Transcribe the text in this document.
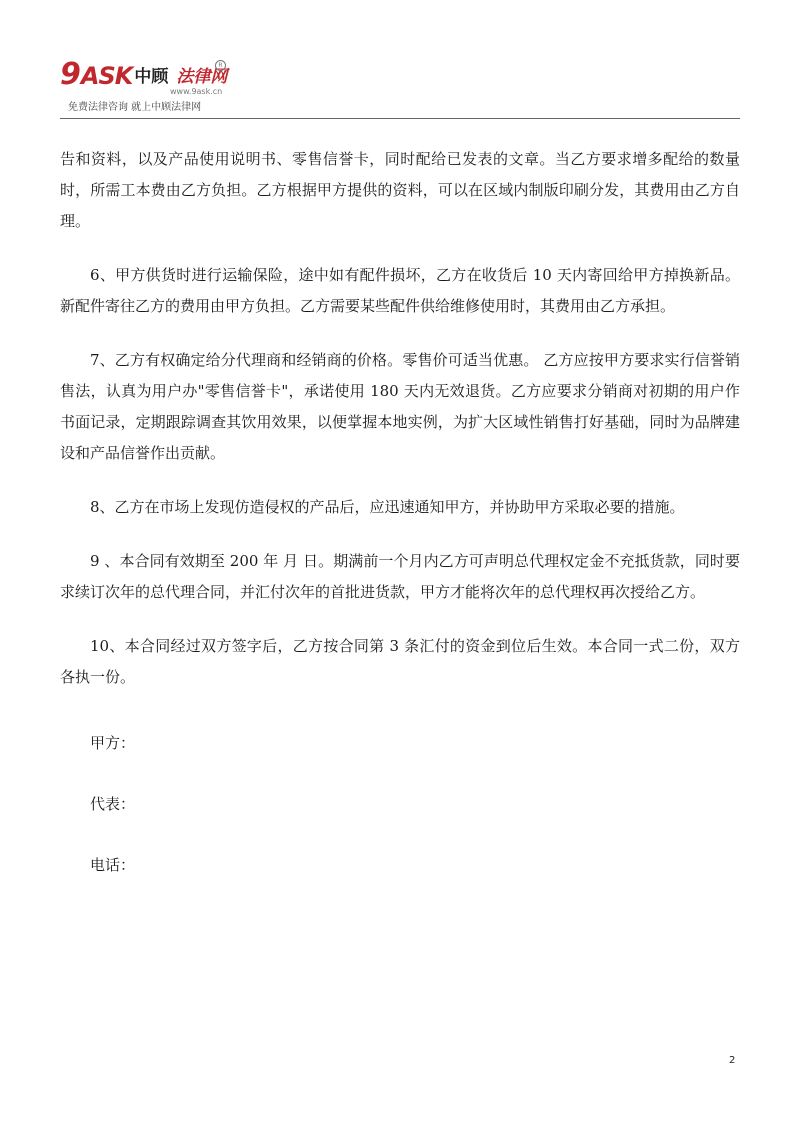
9 ASK 中顾 法律网
R
www.9ask.cn
免费法律咨询 就上中顾法律网

告和资料，以及产品使用说明书、零售信誉卡，同时配给已发表的文章。当乙方要求增多配给的数量时，所需工本费由乙方负担。乙方根据甲方提供的资料，可以在区域内制版印刷分发，其费用由乙方自理。

6、甲方供货时进行运输保险，途中如有配件损坏，乙方在收货后 10 天内寄回给甲方掉换新品。新配件寄往乙方的费用由甲方负担。乙方需要某些配件供给维修使用时，其费用由乙方承担。

7、乙方有权确定给分代理商和经销商的价格。零售价可适当优惠。 乙方应按甲方要求实行信誉销售法，认真为用户办"零售信誉卡"，承诺使用 180 天内无效退货。乙方应要求分销商对初期的用户作书面记录，定期跟踪调查其饮用效果，以便掌握本地实例，为扩大区域性销售打好基础，同时为品牌建设和产品信誉作出贡献。

8、乙方在市场上发现仿造侵权的产品后，应迅速通知甲方，并协助甲方采取必要的措施。

9 、本合同有效期至 200 年 月 日。期满前一个月内乙方可声明总代理权定金不充抵货款，同时要求续订次年的总代理合同，并汇付次年的首批进货款，甲方才能将次年的总代理权再次授给乙方。

10、本合同经过双方签字后，乙方按合同第 3 条汇付的资金到位后生效。本合同一式二份，双方各执一份。

甲方：

代表：

电话：

2
